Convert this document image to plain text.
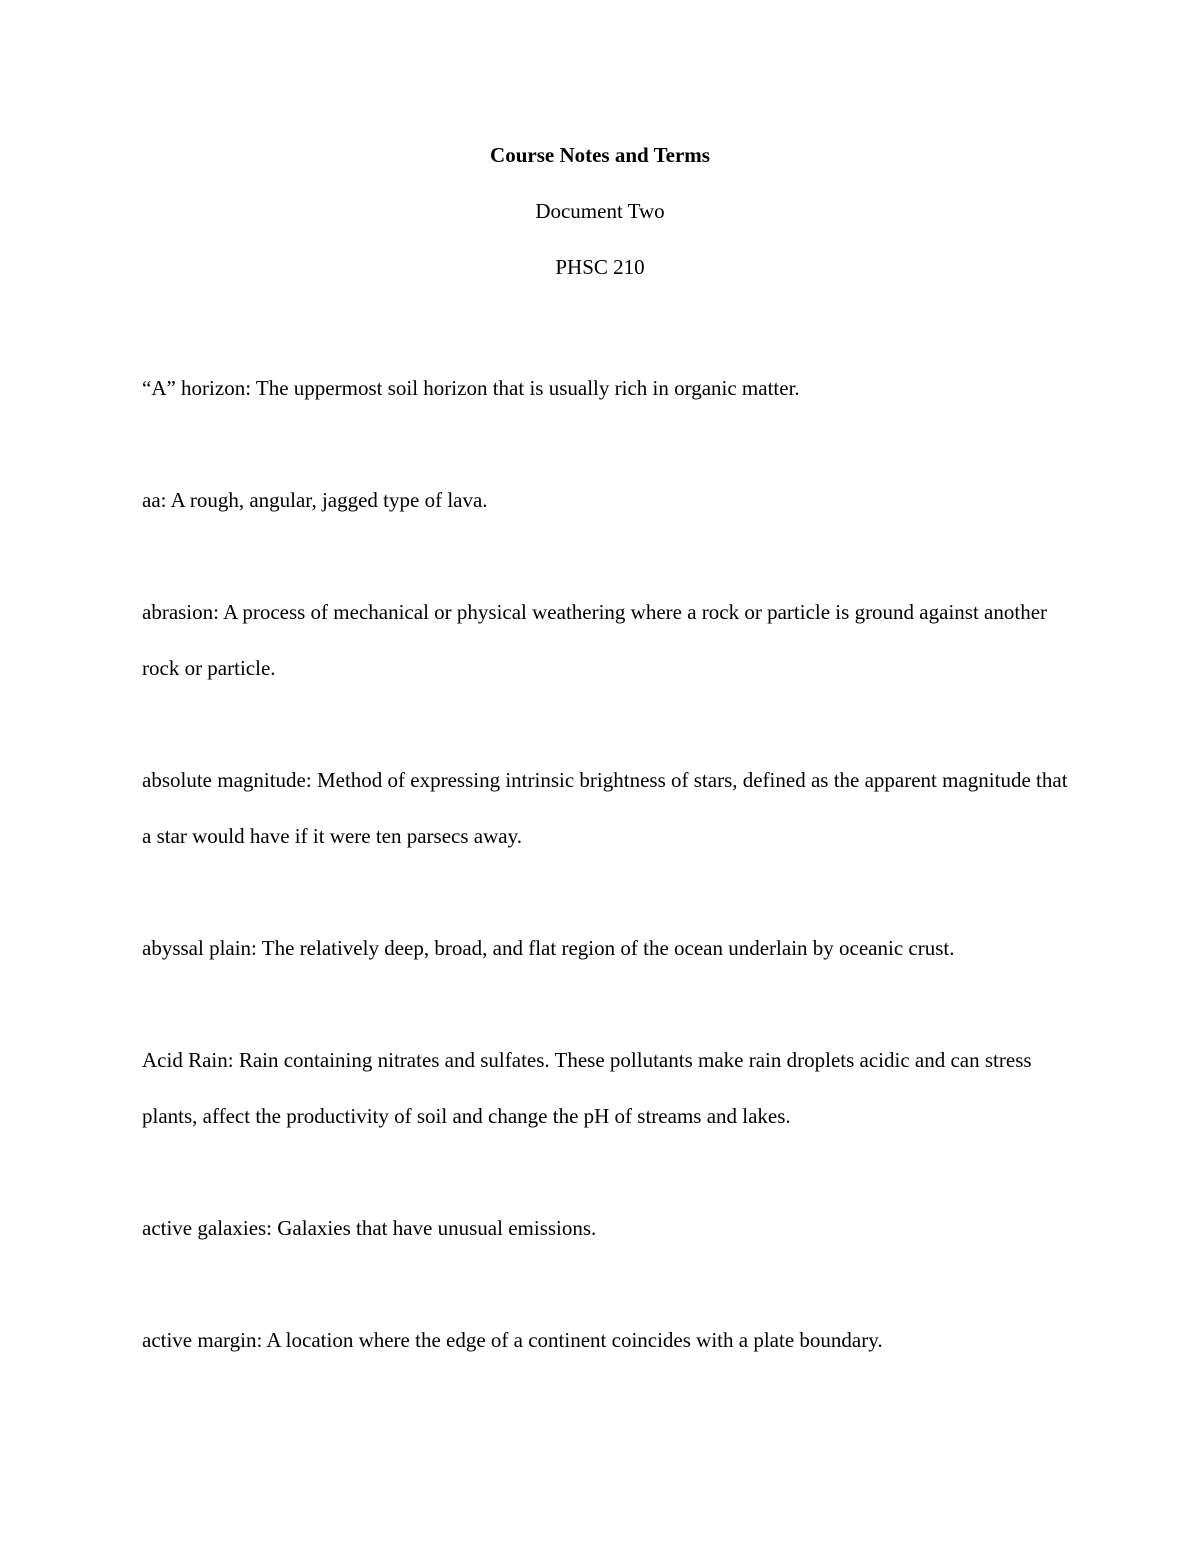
Course Notes and Terms
Document Two
PHSC 210

“A” horizon: The uppermost soil horizon that is usually rich in organic matter.

aa: A rough, angular, jagged type of lava.

abrasion: A process of mechanical or physical weathering where a rock or particle is ground against another rock or particle.

absolute magnitude: Method of expressing intrinsic brightness of stars, defined as the apparent magnitude that a star would have if it were ten parsecs away.

abyssal plain: The relatively deep, broad, and flat region of the ocean underlain by oceanic crust.

Acid Rain: Rain containing nitrates and sulfates. These pollutants make rain droplets acidic and can stress plants, affect the productivity of soil and change the pH of streams and lakes.

active galaxies: Galaxies that have unusual emissions.

active margin: A location where the edge of a continent coincides with a plate boundary.
